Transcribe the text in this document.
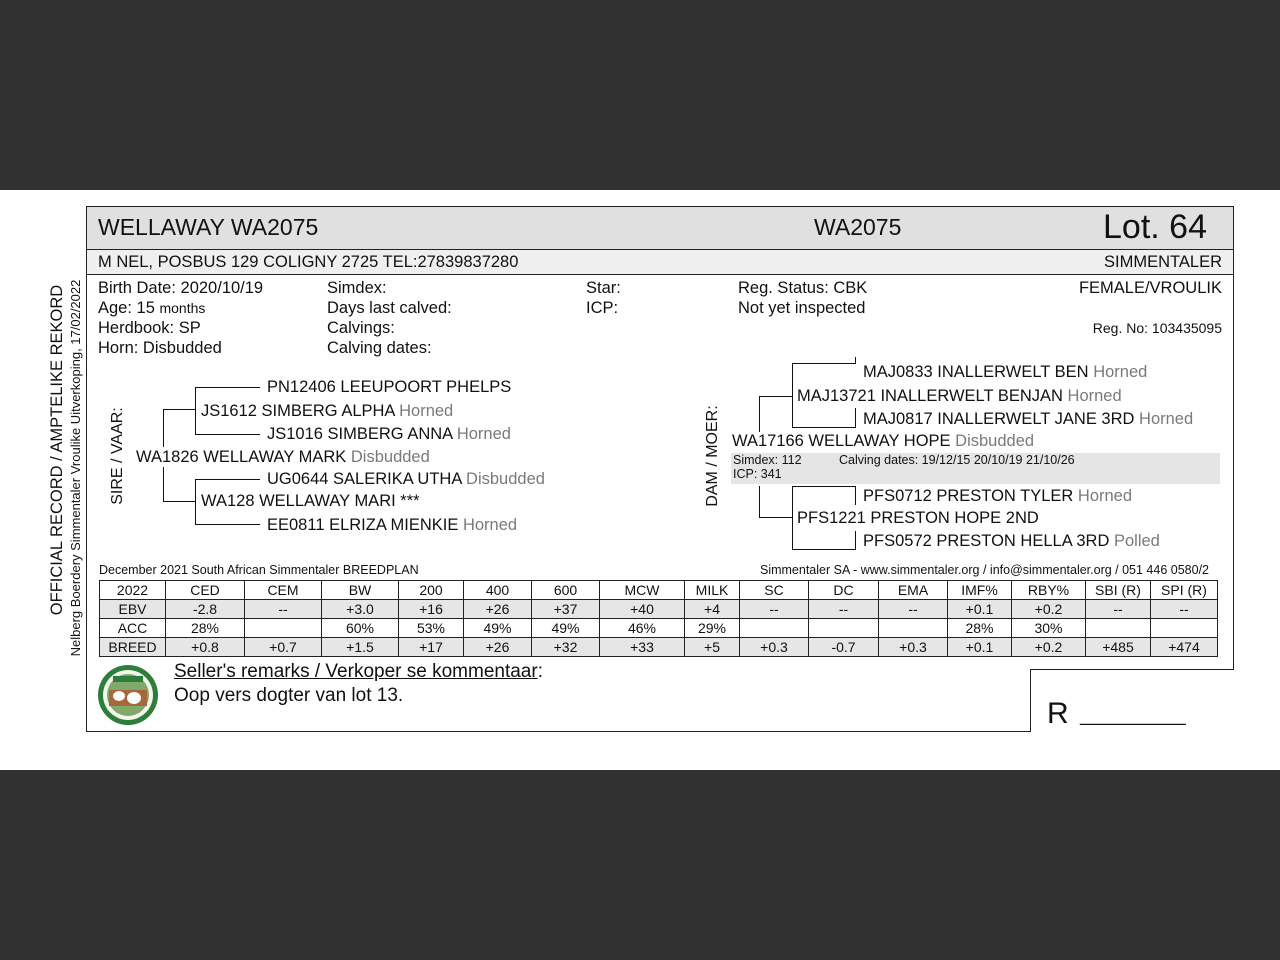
OFFICIAL RECORD / AMPTELIKE REKORD Nelberg Boerdery Simmentaler Vroulike Uitverkoping, 17/02/2022
WELLAWAY WA2075	WA2075	Lot. 64
M NEL, POSBUS 129 COLIGNY 2725 TEL:27839837280	SIMMENTALER
Birth Date: 2020/10/19
Age: 15 months
Herdbook: SP
Horn: Disbudded
Simdex:
Days last calved:
Calvings:
Calving dates:
Star:
ICP:
Reg. Status: CBK
Not yet inspected
FEMALE/VROULIK
Reg. No: 103435095
SIRE / VAAR:
PN12406 LEEUPOORT PHELPS
JS1612 SIMBERG ALPHA Horned
JS1016 SIMBERG ANNA Horned
WA1826 WELLAWAY MARK Disbudded
UG0644 SALERIKA UTHA Disbudded
WA128 WELLAWAY MARI ***
EE0811 ELRIZA MIENKIE Horned
DAM / MOER: Simdex: 112	Calving dates: 19/12/15 20/10/19 21/10/26
ICP: 341
MAJ0833 INALLERWELT BEN Horned
MAJ13721 INALLERWELT BENJAN Horned
MAJ0817 INALLERWELT JANE 3RD Horned
WA17166 WELLAWAY HOPE Disbudded
PFS0712 PRESTON TYLER Horned
PFS1221 PRESTON HOPE 2ND
PFS0572 PRESTON HELLA 3RD Polled
December 2021 South African Simmentaler BREEDPLAN	Simmentaler SA - www.simmentaler.org / info@simmentaler.org / 051 446 0580/2
2022	CED	CEM	BW	200	400	600	MCW	MILK	SC	DC	EMA	IMF%	RBY%	SBI (R)	SPI (R)
EBV	-2.8	--	+3.0	+16	+26	+37	+40	+4	--	--	--	+0.1	+0.2	--	--
ACC	28%		60%	53%	49%	49%	46%	29%				28%	30%		
BREED	+0.8	+0.7	+1.5	+17	+26	+32	+33	+5	+0.3	-0.7	+0.3	+0.1	+0.2	+485	+474
Seller's remarks / Verkoper se kommentaar:
Oop vers dogter van lot 13.
R __________
